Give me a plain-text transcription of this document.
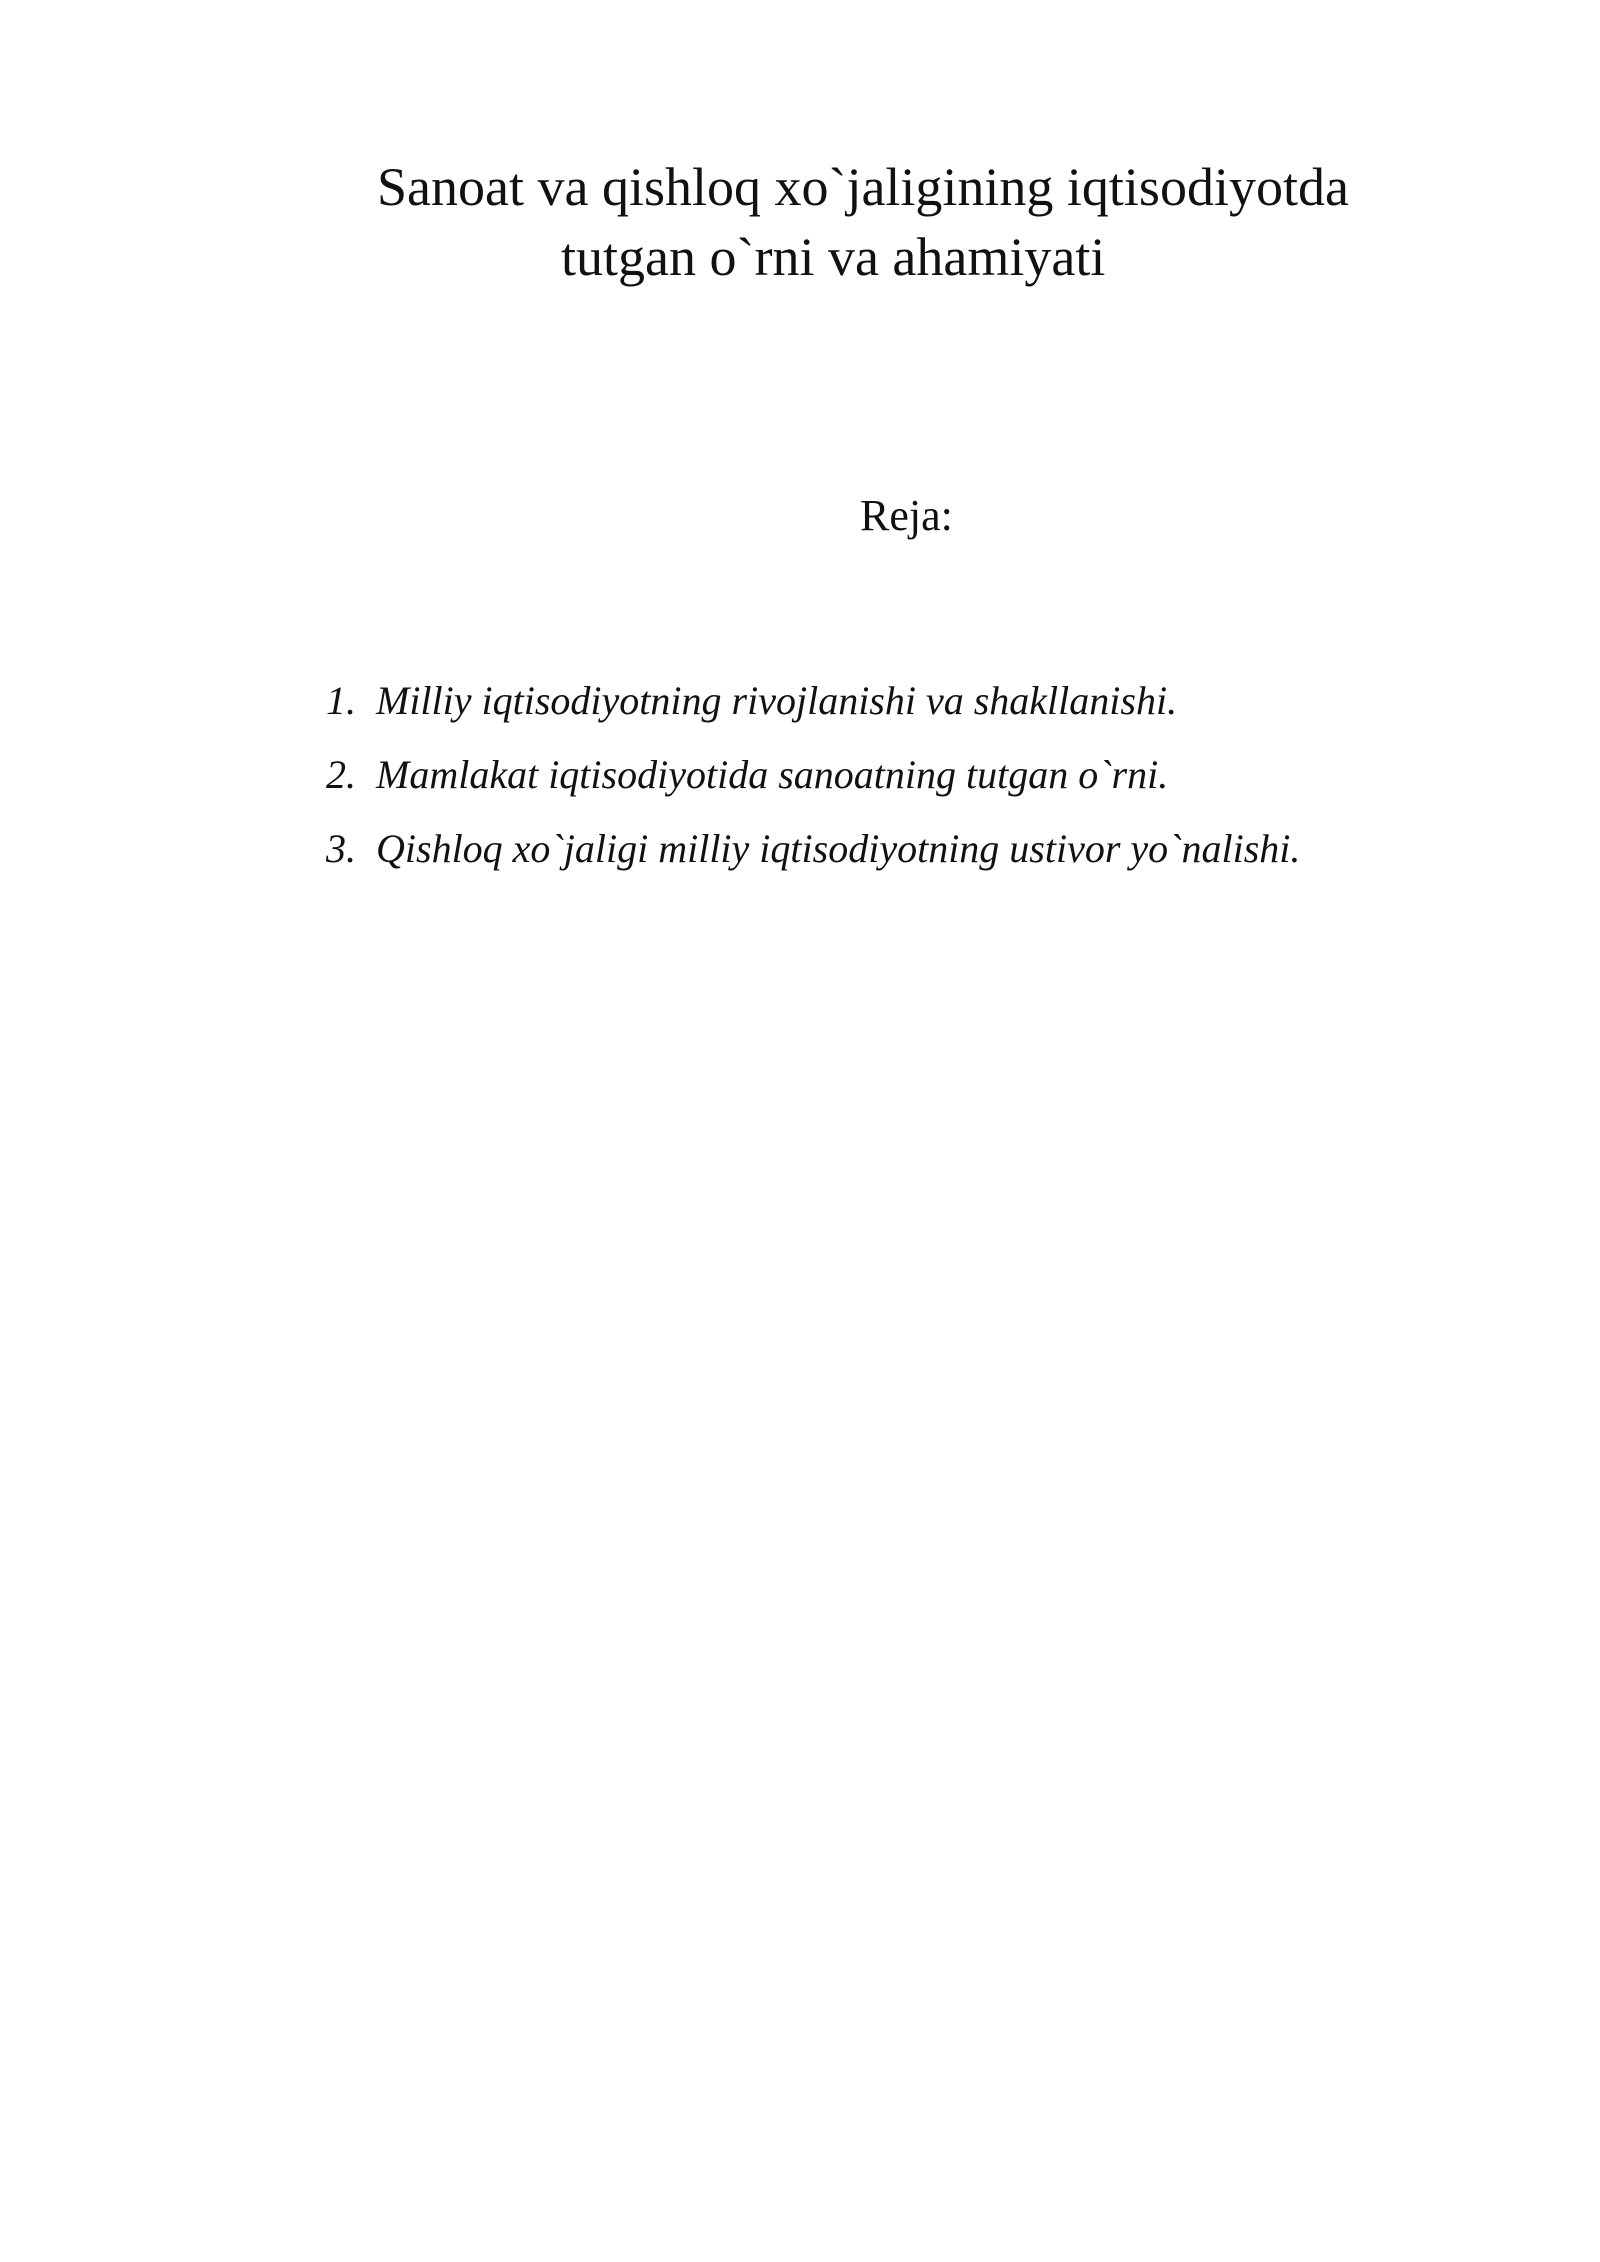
Sanoat va qishloq xo`jaligining iqtisodiyotda
tutgan o`rni va ahamiyati
Reja:
1. Milliy iqtisodiyotning rivojlanishi va shakllanishi.
2. Mamlakat iqtisodiyotida sanoatning tutgan o`rni.
3. Qishloq xo`jaligi milliy iqtisodiyotning ustivor yo`nalishi.
